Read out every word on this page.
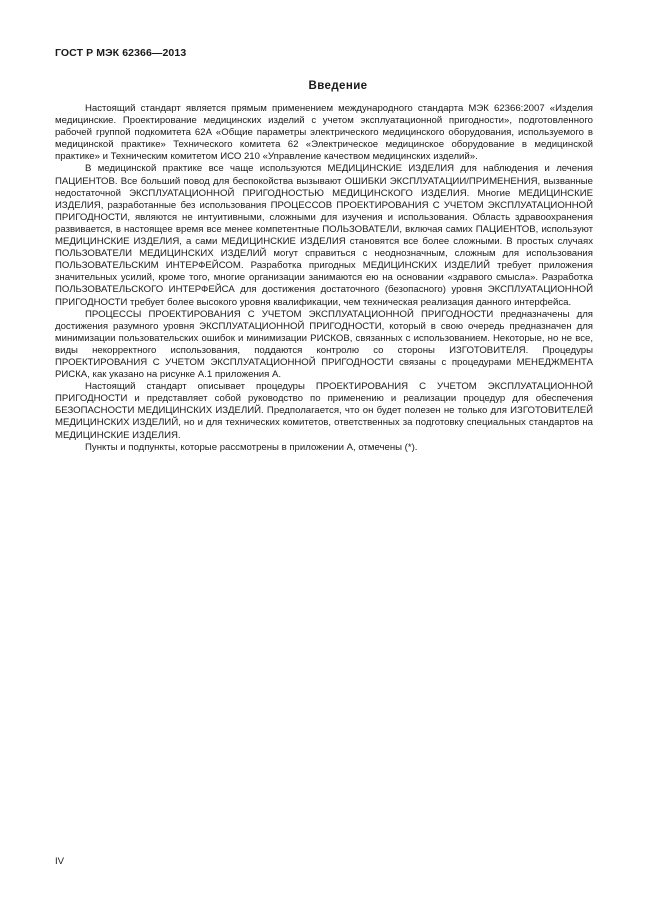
ГОСТ Р МЭК 62366—2013
Введение

Настоящий стандарт является прямым применением международного стандарта МЭК 62366:2007 «Изделия медицинские. Проектирование медицинских изделий с учетом эксплуатационной пригодности», подготовленного рабочей группой подкомитета 62А «Общие параметры электрического медицинского оборудования, используемого в медицинской практике» Технического комитета 62 «Электрическое медицинское оборудование в медицинской практике» и Техническим комитетом ИСО 210 «Управление качеством медицинских изделий».

В медицинской практике все чаще используются МЕДИЦИНСКИЕ ИЗДЕЛИЯ для наблюдения и лечения ПАЦИЕНТОВ. Все больший повод для беспокойства вызывают ОШИБКИ ЭКСПЛУАТАЦИИ/ПРИМЕНЕНИЯ, вызванные недостаточной ЭКСПЛУАТАЦИОННОЙ ПРИГОДНОСТЬЮ МЕДИЦИНСКОГО ИЗДЕЛИЯ. Многие МЕДИЦИНСКИЕ ИЗДЕЛИЯ, разработанные без использования ПРОЦЕССОВ ПРОЕКТИРОВАНИЯ С УЧЕТОМ ЭКСПЛУАТАЦИОННОЙ ПРИГОДНОСТИ, являются не интуитивными, сложными для изучения и использования. Область здравоохранения развивается, в настоящее время все менее компетентные ПОЛЬЗОВАТЕЛИ, включая самих ПАЦИЕНТОВ, используют МЕДИЦИНСКИЕ ИЗДЕЛИЯ, а сами МЕДИЦИНСКИЕ ИЗДЕЛИЯ становятся все более сложными. В простых случаях ПОЛЬЗОВАТЕЛИ МЕДИЦИНСКИХ ИЗДЕЛИЙ могут справиться с неоднозначным, сложным для использования ПОЛЬЗОВАТЕЛЬСКИМ ИНТЕРФЕЙСОМ. Разработка пригодных МЕДИЦИНСКИХ ИЗДЕЛИЙ требует приложения значительных усилий, кроме того, многие организации занимаются ею на основании «здравого смысла». Разработка ПОЛЬЗОВАТЕЛЬСКОГО ИНТЕРФЕЙСА для достижения достаточного (безопасного) уровня ЭКСПЛУАТАЦИОННОЙ ПРИГОДНОСТИ требует более высокого уровня квалификации, чем техническая реализация данного интерфейса.

ПРОЦЕССЫ ПРОЕКТИРОВАНИЯ С УЧЕТОМ ЭКСПЛУАТАЦИОННОЙ ПРИГОДНОСТИ предназначены для достижения разумного уровня ЭКСПЛУАТАЦИОННОЙ ПРИГОДНОСТИ, который в свою очередь предназначен для минимизации пользовательских ошибок и минимизации РИСКОВ, связанных с использованием. Некоторые, но не все, виды некорректного использования, поддаются контролю со стороны ИЗГОТОВИТЕЛЯ. Процедуры ПРОЕКТИРОВАНИЯ С УЧЕТОМ ЭКСПЛУАТАЦИОННОЙ ПРИГОДНОСТИ связаны с процедурами МЕНЕДЖМЕНТА РИСКА, как указано на рисунке А.1 приложения А.

Настоящий стандарт описывает процедуры ПРОЕКТИРОВАНИЯ С УЧЕТОМ ЭКСПЛУАТАЦИОННОЙ ПРИГОДНОСТИ и представляет собой руководство по применению и реализации процедур для обеспечения БЕЗОПАСНОСТИ МЕДИЦИНСКИХ ИЗДЕЛИЙ. Предполагается, что он будет полезен не только для ИЗГОТОВИТЕЛЕЙ МЕДИЦИНСКИХ ИЗДЕЛИЙ, но и для технических комитетов, ответственных за подготовку специальных стандартов на МЕДИЦИНСКИЕ ИЗДЕЛИЯ.

Пункты и подпункты, которые рассмотрены в приложении А, отмечены (*).

IV
